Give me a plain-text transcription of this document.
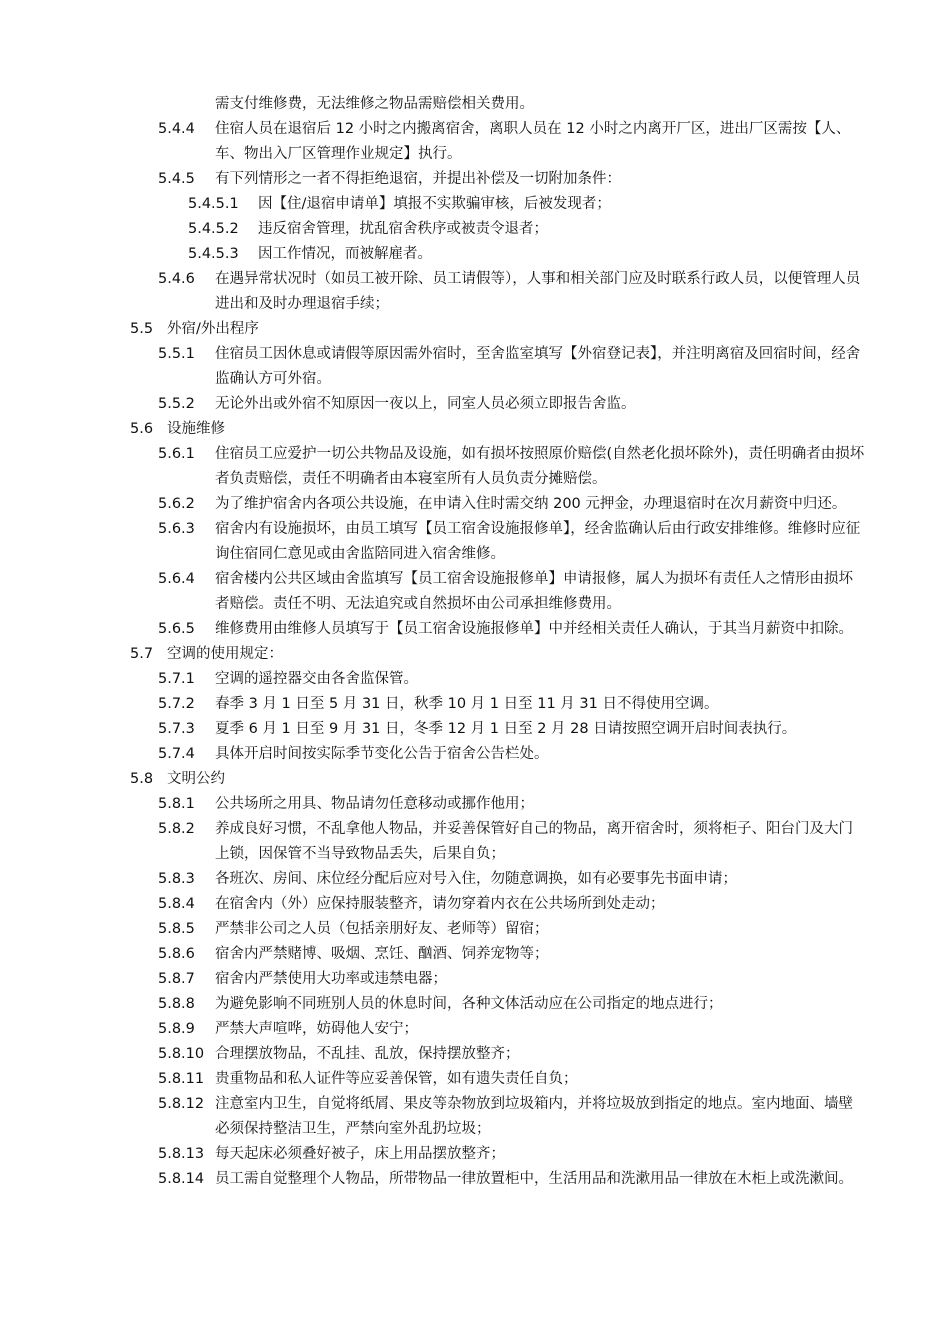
需支付维修费，无法维修之物品需赔偿相关费用。
5.4.4 住宿人员在退宿后 12 小时之内搬离宿舍，离职人员在 12 小时之内离开厂区，进出厂区需按【人、车、物出入厂区管理作业规定】执行。
5.4.5 有下列情形之一者不得拒绝退宿，并提出补偿及一切附加条件：
5.4.5.1 因【住/退宿申请单】填报不实欺骗审核，后被发现者；
5.4.5.2 违反宿舍管理，扰乱宿舍秩序或被责令退者；
5.4.5.3 因工作情况，而被解雇者。
5.4.6 在遇异常状况时（如员工被开除、员工请假等），人事和相关部门应及时联系行政人员，以便管理人员进出和及时办理退宿手续；
5.5 外宿/外出程序
5.5.1 住宿员工因休息或请假等原因需外宿时，至舍监室填写【外宿登记表】，并注明离宿及回宿时间，经舍监确认方可外宿。
5.5.2 无论外出或外宿不知原因一夜以上，同室人员必须立即报告舍监。
5.6 设施维修
5.6.1 住宿员工应爱护一切公共物品及设施，如有损坏按照原价赔偿(自然老化损坏除外)，责任明确者由损坏者负责赔偿，责任不明确者由本寝室所有人员负责分摊赔偿。
5.6.2 为了维护宿舍内各项公共设施，在申请入住时需交纳 200 元押金，办理退宿时在次月薪资中归还。
5.6.3 宿舍内有设施损坏，由员工填写【员工宿舍设施报修单】，经舍监确认后由行政安排维修。维修时应征询住宿同仁意见或由舍监陪同进入宿舍维修。
5.6.4 宿舍楼内公共区域由舍监填写【员工宿舍设施报修单】申请报修，属人为损坏有责任人之情形由损坏者赔偿。责任不明、无法追究或自然损坏由公司承担维修费用。
5.6.5 维修费用由维修人员填写于【员工宿舍设施报修单】中并经相关责任人确认，于其当月薪资中扣除。
5.7 空调的使用规定：
5.7.1 空调的遥控器交由各舍监保管。
5.7.2 春季 3 月 1 日至 5 月 31 日，秋季 10 月 1 日至 11 月 31 日不得使用空调。
5.7.3 夏季 6 月 1 日至 9 月 31 日，冬季 12 月 1 日至 2 月 28 日请按照空调开启时间表执行。
5.7.4 具体开启时间按实际季节变化公告于宿舍公告栏处。
5.8 文明公约
5.8.1 公共场所之用具、物品请勿任意移动或挪作他用；
5.8.2 养成良好习惯，不乱拿他人物品，并妥善保管好自己的物品，离开宿舍时，须将柜子、阳台门及大门上锁，因保管不当导致物品丢失，后果自负；
5.8.3 各班次、房间、床位经分配后应对号入住，勿随意调换，如有必要事先书面申请；
5.8.4 在宿舍内（外）应保持服装整齐，请勿穿着内衣在公共场所到处走动；
5.8.5 严禁非公司之人员（包括亲朋好友、老师等）留宿；
5.8.6 宿舍内严禁赌博、吸烟、烹饪、酗酒、饲养宠物等；
5.8.7 宿舍内严禁使用大功率或违禁电器；
5.8.8 为避免影响不同班别人员的休息时间，各种文体活动应在公司指定的地点进行；
5.8.9 严禁大声喧哗，妨碍他人安宁；
5.8.10 合理摆放物品，不乱挂、乱放，保持摆放整齐；
5.8.11 贵重物品和私人证件等应妥善保管，如有遗失责任自负；
5.8.12 注意室内卫生，自觉将纸屑、果皮等杂物放到垃圾箱内，并将垃圾放到指定的地点。室内地面、墙壁必须保持整洁卫生，严禁向室外乱扔垃圾；
5.8.13 每天起床必须叠好被子，床上用品摆放整齐；
5.8.14 员工需自觉整理个人物品，所带物品一律放置柜中，生活用品和洗漱用品一律放在木柜上或洗漱间。
